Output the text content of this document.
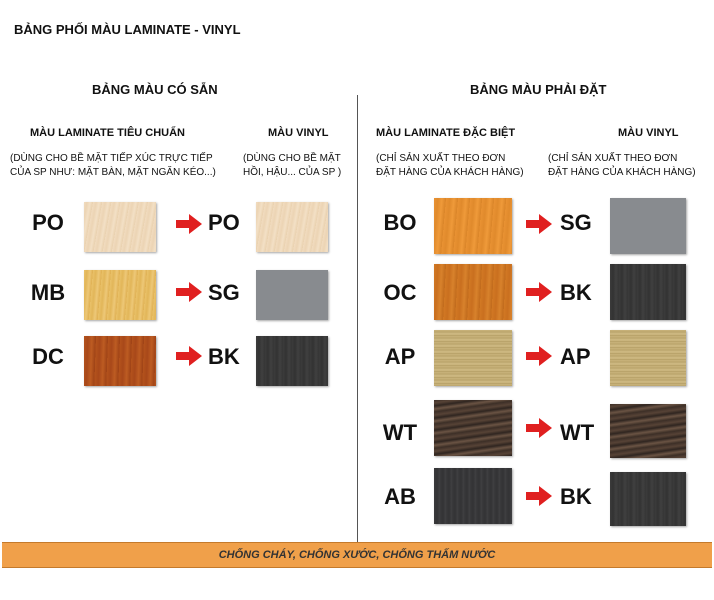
BẢNG PHỐI MÀU LAMINATE - VINYL
BẢNG MÀU CÓ SẴN
MÀU LAMINATE TIÊU CHUẨN
(DÙNG CHO BỀ MẶT TIẾP XÚC TRỰC TIẾP
CỦA SP NHƯ: MẶT BÀN, MẶT NGĂN KÉO...)
MÀU VINYL
(DÙNG CHO BỀ MẶT
HỒI, HẬU... CỦA SP )
PO	PO
MB	SG
DC	BK
BẢNG MÀU PHẢI ĐẶT
MÀU LAMINATE ĐẶC BIỆT
(CHỈ SẢN XUẤT THEO ĐƠN
ĐẶT HÀNG CỦA KHÁCH HÀNG)
MÀU VINYL
(CHỈ SẢN XUẤT THEO ĐƠN
ĐẶT HÀNG CỦA KHÁCH HÀNG)
BO	SG
OC	BK
AP	AP
WT	WT
AB	BK
CHỐNG CHÁY, CHỐNG XƯỚC, CHỐNG THẤM NƯỚC
